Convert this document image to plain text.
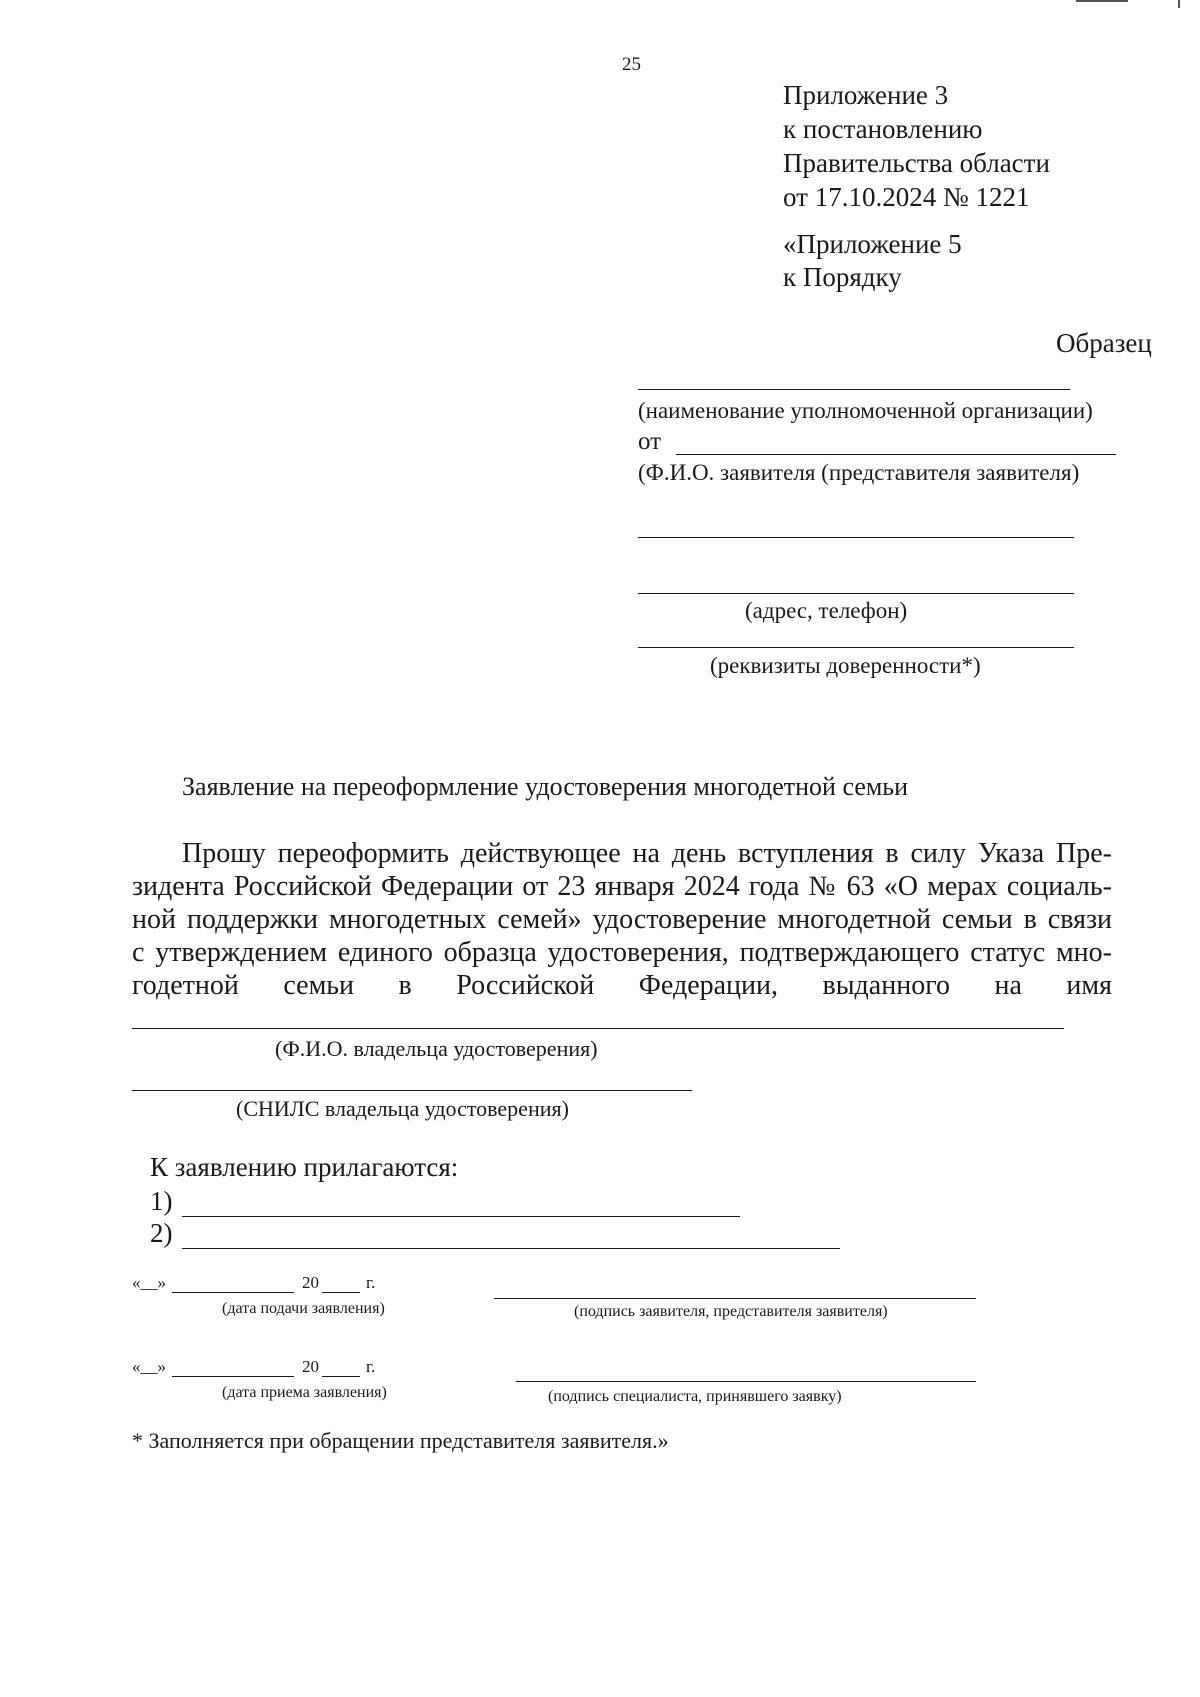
25
Приложение 3
к постановлению
Правительства области
от 17.10.2024 № 1221
«Приложение 5
к Порядку
Образец
(наименование уполномоченной организации)
от
(Ф.И.О. заявителя (представителя заявителя)
(адрес, телефон)
(реквизиты доверенности*)
Заявление на переоформление удостоверения многодетной семьи
Прошу переоформить действующее на день вступления в силу Указа Пре-
зидента Российской Федерации от 23 января 2024 года № 63 «О мерах социаль-
ной поддержки многодетных семей» удостоверение многодетной семьи в связи
с утверждением единого образца удостоверения, подтверждающего статус мно-
годетной семьи в Российской Федерации, выданного на имя
(Ф.И.О. владельца удостоверения)
(СНИЛС владельца удостоверения)
К заявлению прилагаются:
1)
2)
«__»	20	г.
(дата подачи заявления)	(подпись заявителя, представителя заявителя)
«__»	20	г.
(дата приема заявления)	(подпись специалиста, принявшего заявку)
* Заполняется при обращении представителя заявителя.»
